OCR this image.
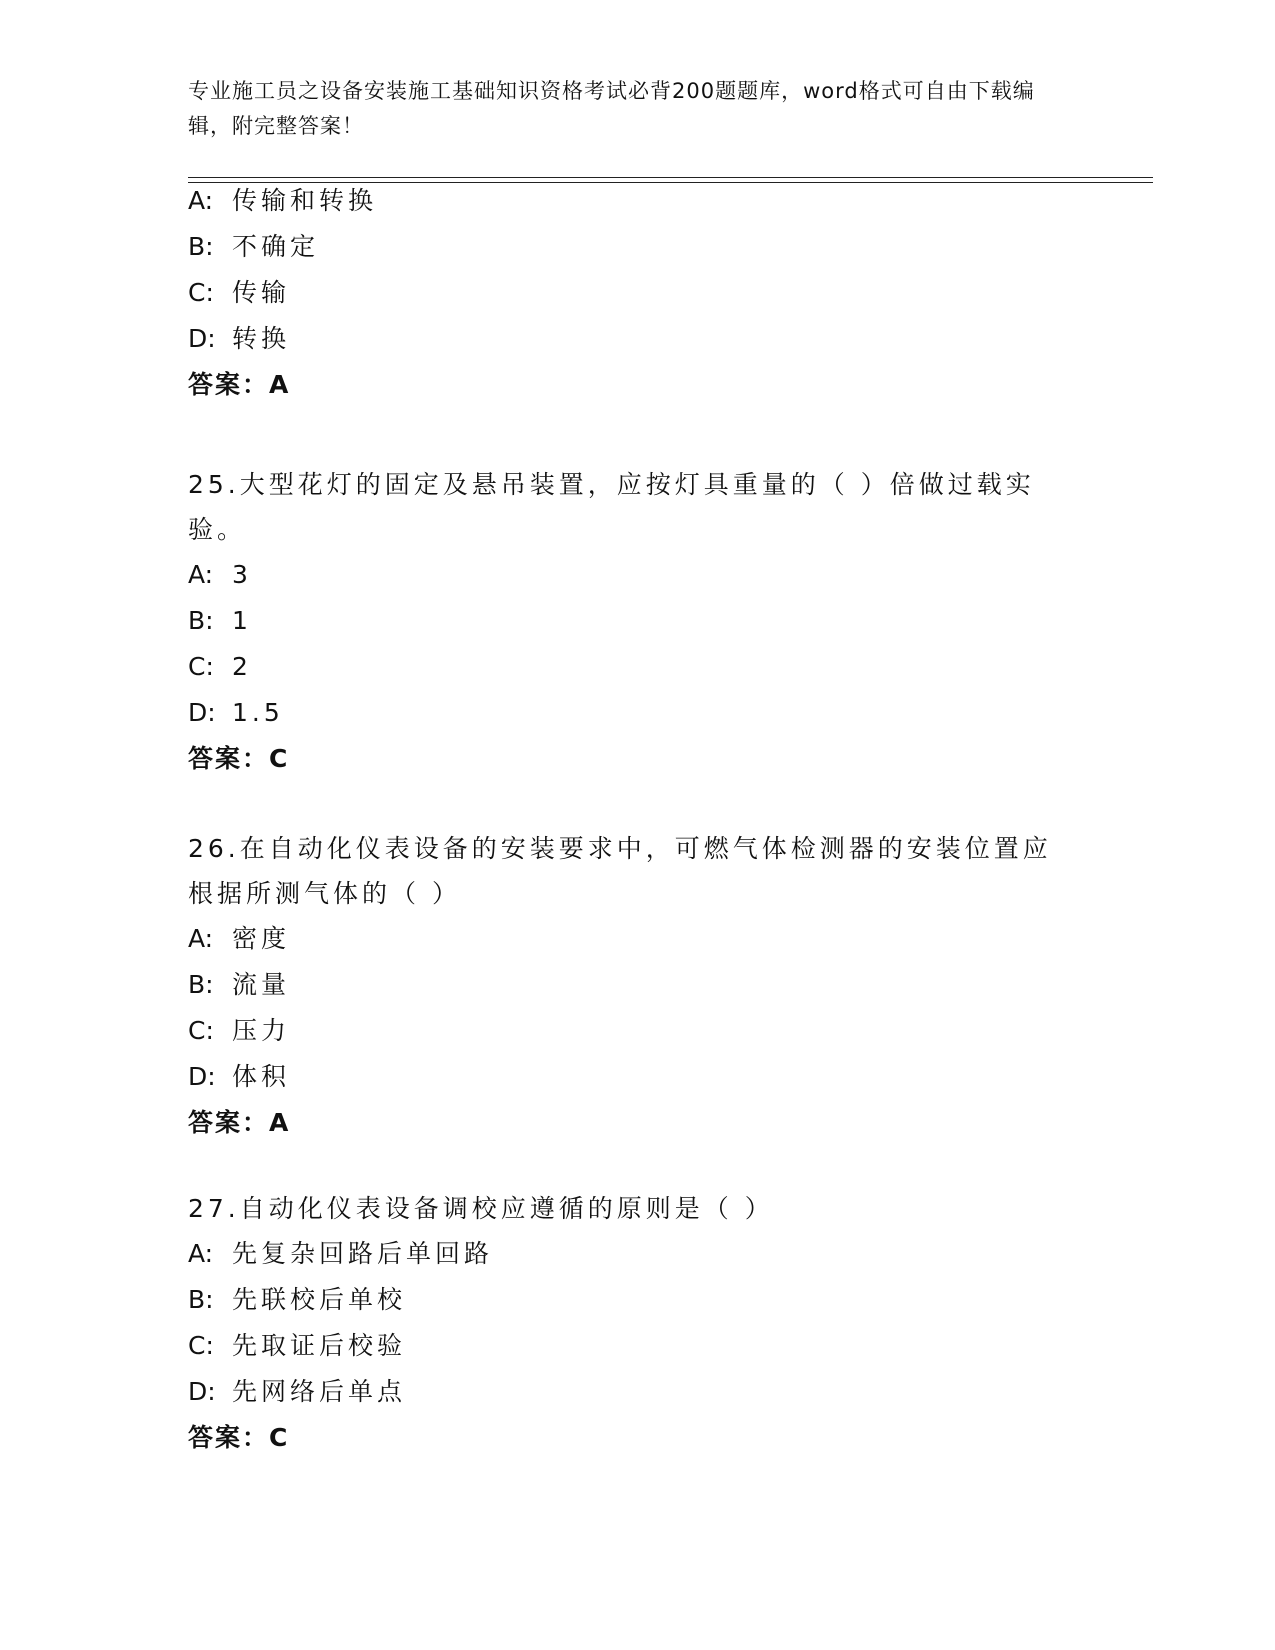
专业施工员之设备安装施工基础知识资格考试必背200题题库，word格式可自由下载编辑，附完整答案！
A: 传输和转换
B: 不确定
C: 传输
D: 转换
答案：A

25.大型花灯的固定及悬吊装置，应按灯具重量的（ ）倍做过载实验。

A: 3
B: 1
C: 2
D: 1.5
答案：C

26.在自动化仪表设备的安装要求中，可燃气体检测器的安装位置应根据所测气体的（ ）

A: 密度
B: 流量
C: 压力
D: 体积
答案：A

27.自动化仪表设备调校应遵循的原则是（ ）

A: 先复杂回路后单回路
B: 先联校后单校
C: 先取证后校验
D: 先网络后单点
答案：C
